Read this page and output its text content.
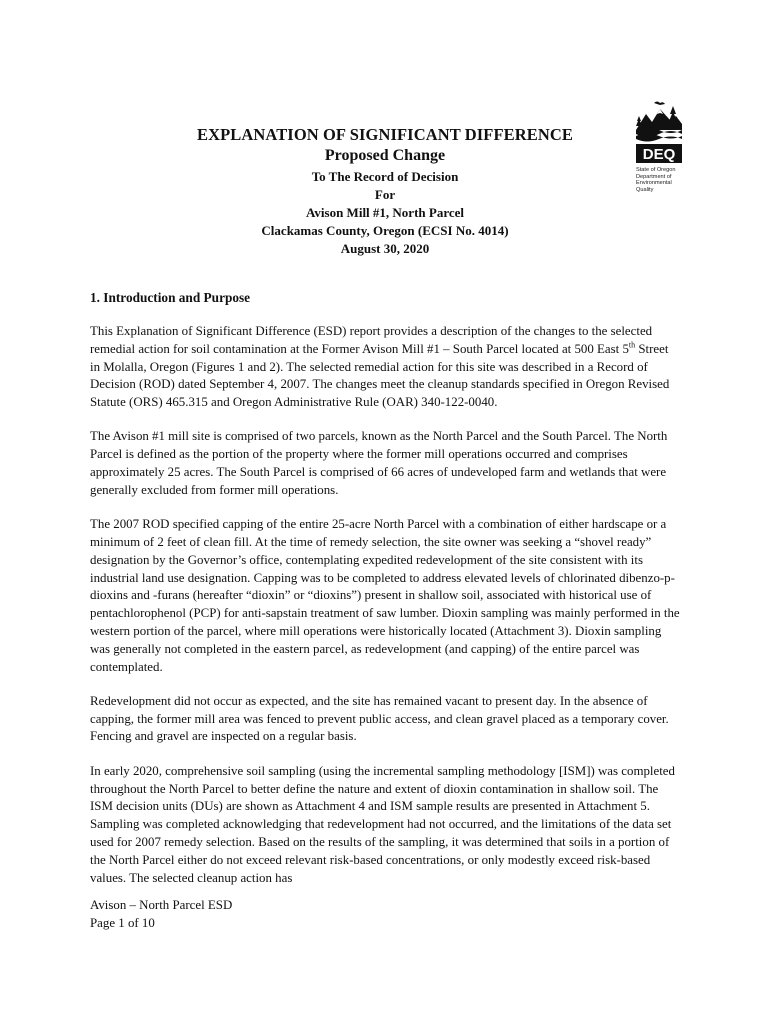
DEQ
State of Oregon
Department of
Environmental
Quality
EXPLANATION OF SIGNIFICANT DIFFERENCE
Proposed Change
To The Record of Decision
For
Avison Mill #1, North Parcel
Clackamas County, Oregon (ECSI No. 4014)
August 30, 2020
1. Introduction and Purpose

This Explanation of Significant Difference (ESD) report provides a description of the changes to the selected remedial action for soil contamination at the Former Avison Mill #1 – South Parcel located at 500 East 5th Street in Molalla, Oregon (Figures 1 and 2). The selected remedial action for this site was described in a Record of Decision (ROD) dated September 4, 2007. The changes meet the cleanup standards specified in Oregon Revised Statute (ORS) 465.315 and Oregon Administrative Rule (OAR) 340-122-0040.

The Avison #1 mill site is comprised of two parcels, known as the North Parcel and the South Parcel. The North Parcel is defined as the portion of the property where the former mill operations occurred and comprises approximately 25 acres. The South Parcel is comprised of 66 acres of undeveloped farm and wetlands that were generally excluded from former mill operations.

The 2007 ROD specified capping of the entire 25-acre North Parcel with a combination of either hardscape or a minimum of 2 feet of clean fill. At the time of remedy selection, the site owner was seeking a “shovel ready” designation by the Governor’s office, contemplating expedited redevelopment of the site consistent with its industrial land use designation. Capping was to be completed to address elevated levels of chlorinated dibenzo-p-dioxins and -furans (hereafter “dioxin” or “dioxins”) present in shallow soil, associated with historical use of pentachlorophenol (PCP) for anti-sapstain treatment of saw lumber. Dioxin sampling was mainly performed in the western portion of the parcel, where mill operations were historically located (Attachment 3). Dioxin sampling was generally not completed in the eastern parcel, as redevelopment (and capping) of the entire parcel was contemplated.

Redevelopment did not occur as expected, and the site has remained vacant to present day. In the absence of capping, the former mill area was fenced to prevent public access, and clean gravel placed as a temporary cover. Fencing and gravel are inspected on a regular basis.

In early 2020, comprehensive soil sampling (using the incremental sampling methodology [ISM]) was completed throughout the North Parcel to better define the nature and extent of dioxin contamination in shallow soil. The ISM decision units (DUs) are shown as Attachment 4 and ISM sample results are presented in Attachment 5. Sampling was completed acknowledging that redevelopment had not occurred, and the limitations of the data set used for 2007 remedy selection. Based on the results of the sampling, it was determined that soils in a portion of the North Parcel either do not exceed relevant risk-based concentrations, or only modestly exceed risk-based values. The selected cleanup action has

Avison – North Parcel ESD
Page 1 of 10
